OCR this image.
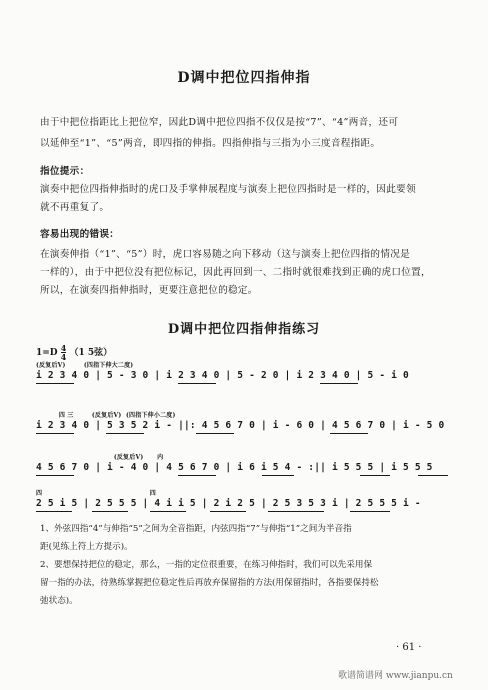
D调中把位四指伸指
由于中把位指距比上把位窄，因此D调中把位四指不仅仅是按“7”、“4”两音，还可
以延伸至“1”、“5”两音，即四指的伸指。四指伸指与三指为小三度音程指距。
指位提示：
演奏中把位四指伸指时的虎口及手掌伸展程度与演奏上把位四指时是一样的，因此要领
就不再重复了。
容易出现的错误：
在演奏伸指（“1”、“5”）时，虎口容易随之向下移动（这与演奏上把位四指的情况是
一样的），由于中把位没有把位标记，因此再回到一、二指时就很难找到正确的虎口位置，
所以，在演奏四指伸指时，更要注意把位的稳定。
D调中把位四指伸指练习
$1=D \frac{4}{4} (1$ 5弦）
(反复后V)        (四指下伸大二度)
i 2 3 4 0 | 5 - 3 0 | i 2 3 4 0 | 5 - 2 0 | i 2 3 4 0 | 5 - i 0
四 三        (反复后V)  (四指下伸小二度)
i 2 3 4 0 | 5 3 5 2 i - ||: 4 5 6 7 0 | i - 6 0 | 4 5 6 7 0 | i - 5 0
(反复后V)      内
4 5 6 7 0 | i - 4 0 | 4 5 6 7 0 | i 6 i 5 4 - :|| i 5 5 5 | i 5 5 5
四                                               四
2 5 i 5 | 2 5 5 5 | 4 i i 5 | 2 i 2 5 | 2 5 3 5 3 i | 2 5 5 5 i -
1、外弦四指“4”与伸指“5”之间为全音指距，内弦四指“7”与伸指“1”之间为半音指
距(见练上符上方提示)。
2、要想保持把位的稳定，那么，一指的定位很重要，在练习伸指时，我们可以先采用保
留一指的办法，待熟练掌握把位稳定性后再放弃保留指的方法(用保留指时，各指要保持松
弛状态)。
· 61 ·
歌谱简谱网 www.jianpu.cn
